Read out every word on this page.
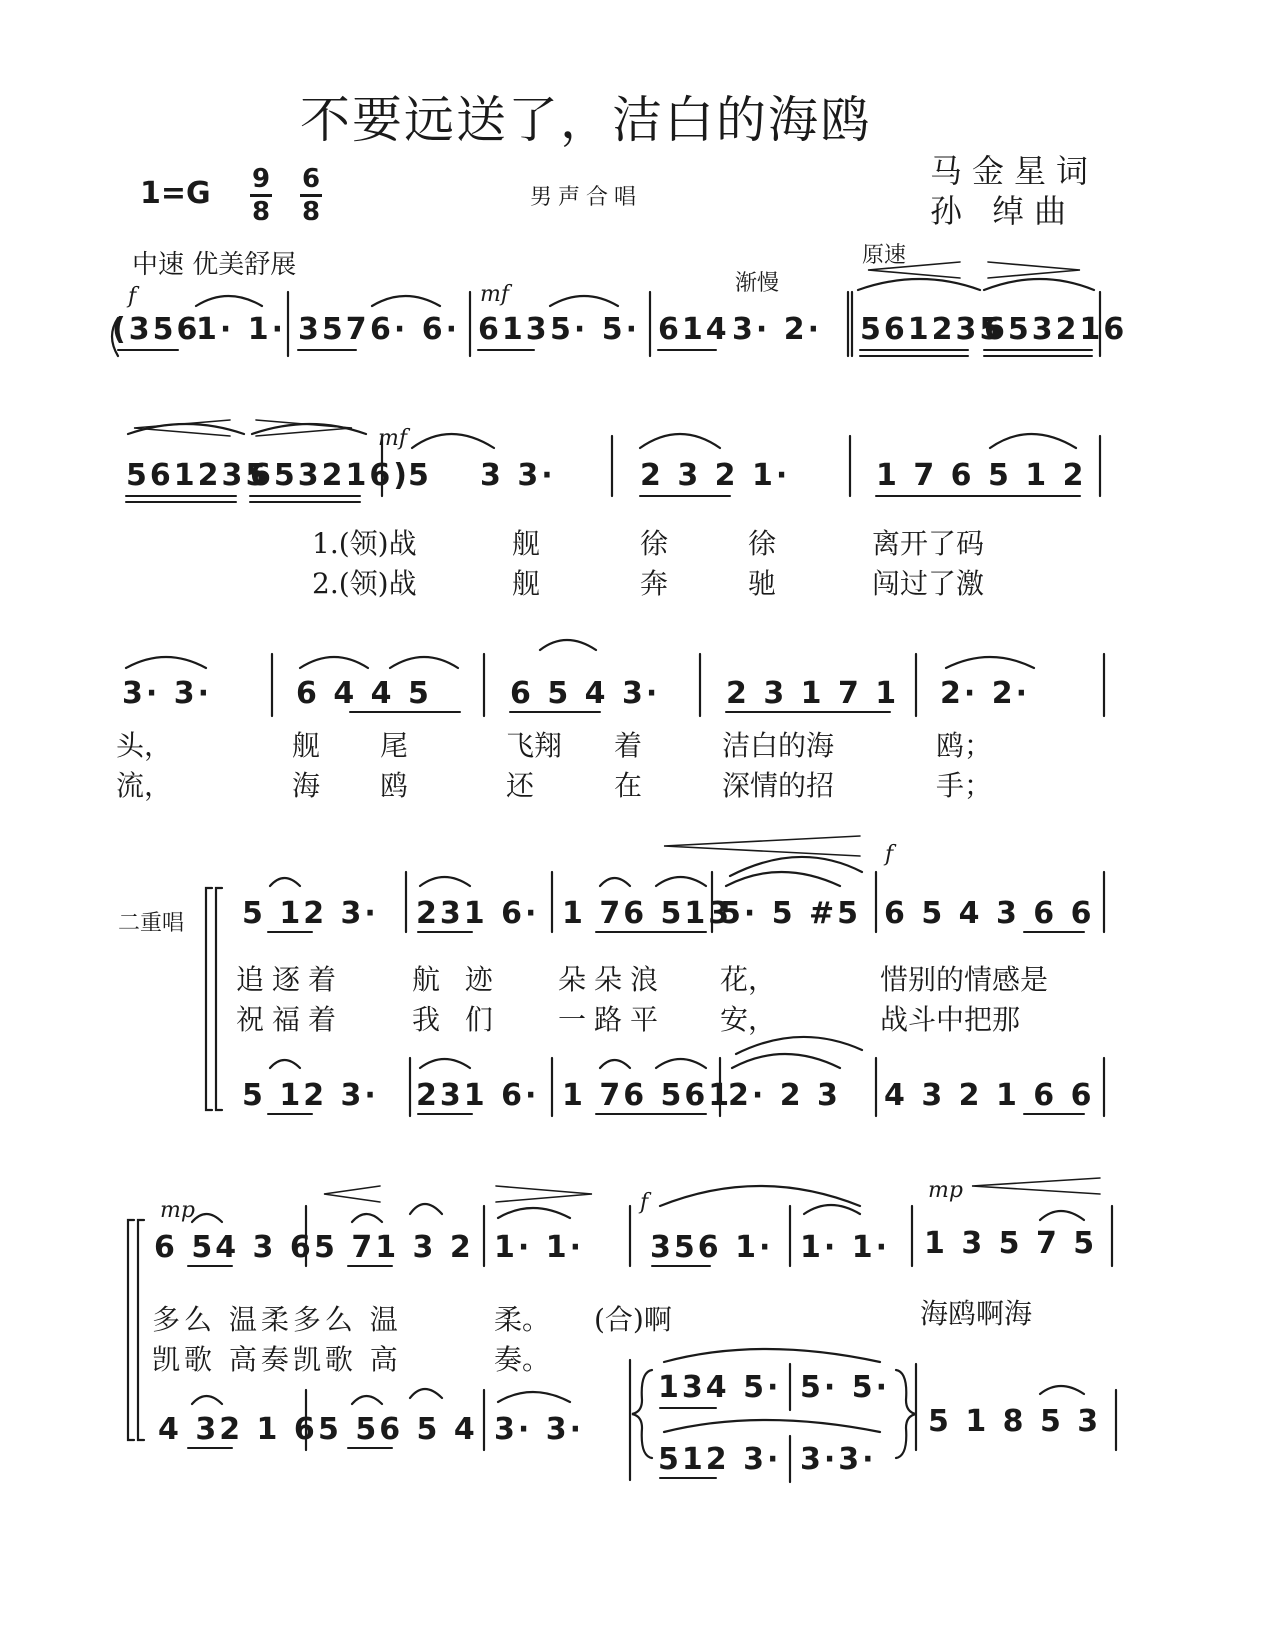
不要远送了，洁白的海鸥
马金星词
孙 绰曲
1=G 9
8
6
8	男声合唱
中速 优美舒展
f	mf	渐慢
原速
mf
f
mp	f	mp
二重唱
(356
1· 1· 357 6· 6· 613 5· 5· 614 3· 2· 561235
653216
561235
653216)
5 3 3·	2 3 2 1·	1 7 6 5 1 2
1.(领)战	舰	徐	徐	离开了码
2.(领)战	舰	奔	驰	闯过了激
3· 3·	6 4 4 5	6 5 4 3· 2 3 1 7 1 2· 2·
头，	舰 尾	飞翔 着	洁白的海	鸥；
流，	海 鸥	还	在	深情的招	手；
5 12 3· 231 6· 1 76 513
5· 5 #5 6 5 4 3 6 6
追逐着 航 迹 朵朵浪 花，	惜别的情感是
祝福着 我 们 一路平 安，	战斗中把那
5 12 3· 231 6· 1 76 561
2· 2 3 4 3 2 1 6 6
6 54 3 6 5 71 3 2 1· 1· 356 1· 1· 1· 1 3 5 7 5
多么 温柔多么 温	柔。 (合)啊	海鸥啊海
凯歌 高奏凯歌 高	奏。
4 32 1 6 5 56 5 4 3· 3·
134 5· 5· 5·
512 3· 3·3·
5 1 8 5 3
